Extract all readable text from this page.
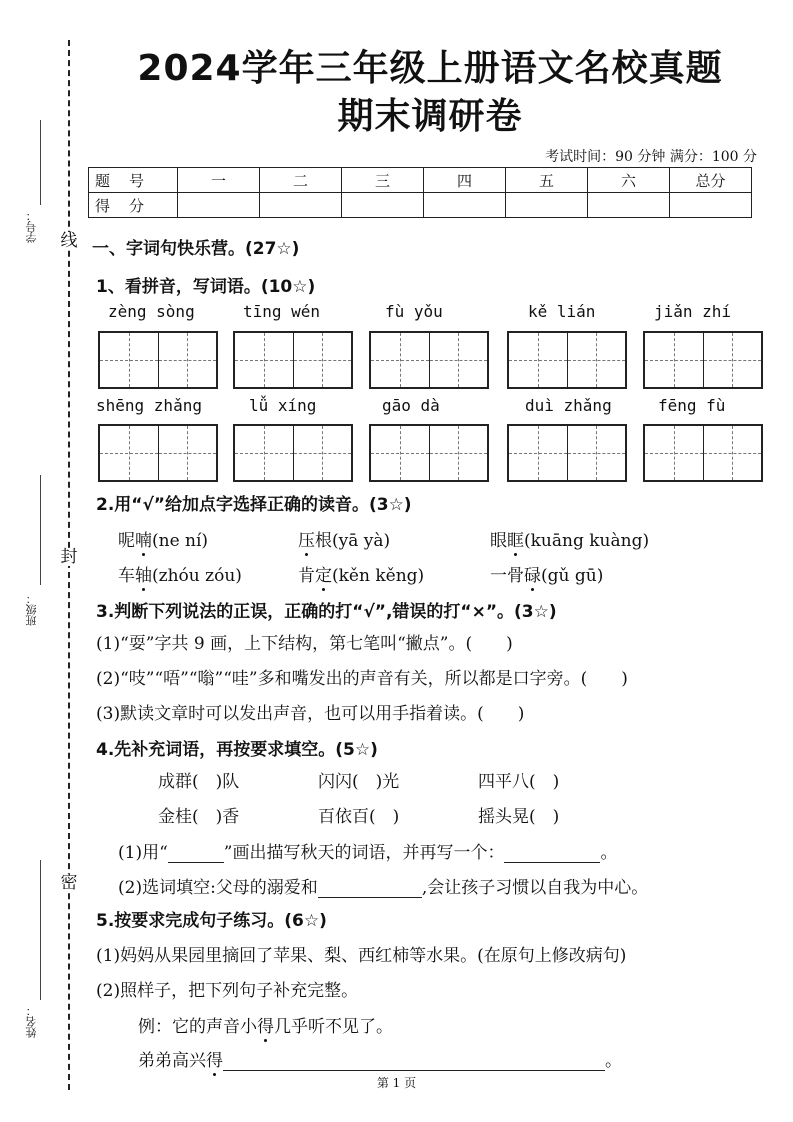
学号：
班级：
姓名：
线
封
密
2024学年三年级上册语文名校真题
期末调研卷
考试时间：90 分钟 满分：100 分
题　号	一	二	三	四	五	六	总分
得　分							
一、字词句快乐营。(27☆)
1、看拼音，写词语。(10☆)
zèng sòng	tīng wén	fù yǒu	kě lián	jiǎn zhí
shēng zhǎng	lǚ xíng	gāo dà	duì zhǎng	fēng fù
2.用“√”给加点字选择正确的读音。(3☆)
呢喃(ne ní)	压根(yā yà)	眼眶(kuāng kuàng)
车轴(zhóu zóu)	肯定(kěn kěng)	一骨碌(gǔ gū)
3.判断下列说法的正误，正确的打“√”,错误的打“×”。(3☆)
(1)“耍”字共 9 画，上下结构，第七笔叫“撇点”。(　　)
(2)“吱”“唔”“嗡”“哇”多和嘴发出的声音有关，所以都是口字旁。(　　)
(3)默读文章时可以发出声音，也可以用手指着读。(　　)
4.先补充词语，再按要求填空。(5☆)
成群(　)队	闪闪(　)光	四平八(　)
金桂(　)香	百依百(　)	摇头晃(　)
(1)用“	”画出描写秋天的词语，并再写一个：	。
(2)选词填空:父母的溺爱和	,会让孩子习惯以自我为中心。
5.按要求完成句子练习。(6☆)
(1)妈妈从果园里摘回了苹果、梨、西红柿等水果。(在原句上修改病句)
(2)照样子，把下列句子补充完整。
例：它的声音小得几乎听不见了。
弟弟高兴得	。
第 1 页
